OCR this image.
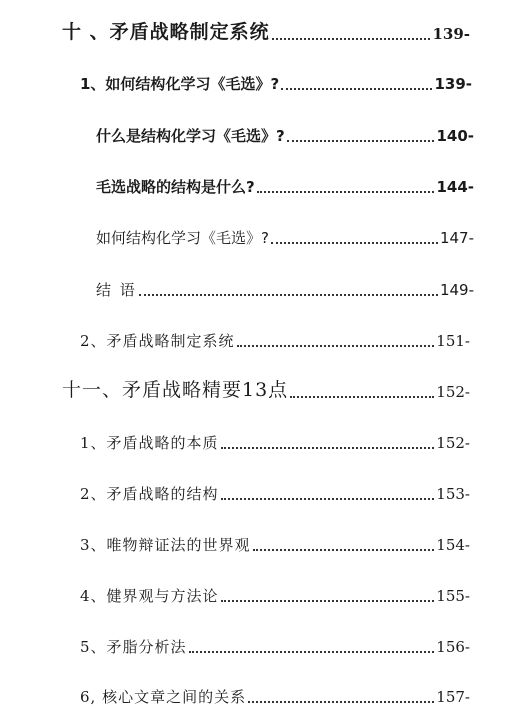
十 、矛盾战略制定系统	139-
1、如何结构化学习《毛选》?	139-
什么是结构化学习《毛选》?	140-
毛选战略的结构是什么?	144-
如何结构化学习《毛选》?	147-
结 语	149-
2、矛盾战略制定系统	151-
十一、矛盾战略精要13点	152-
1、矛盾战略的本质	152-
2、矛盾战略的结构	153-
3、唯物辩证法的世界观	154-
4、健界观与方法论	155-
5、矛脂分析法	156-
6, 核心文章之间的关系	157-
